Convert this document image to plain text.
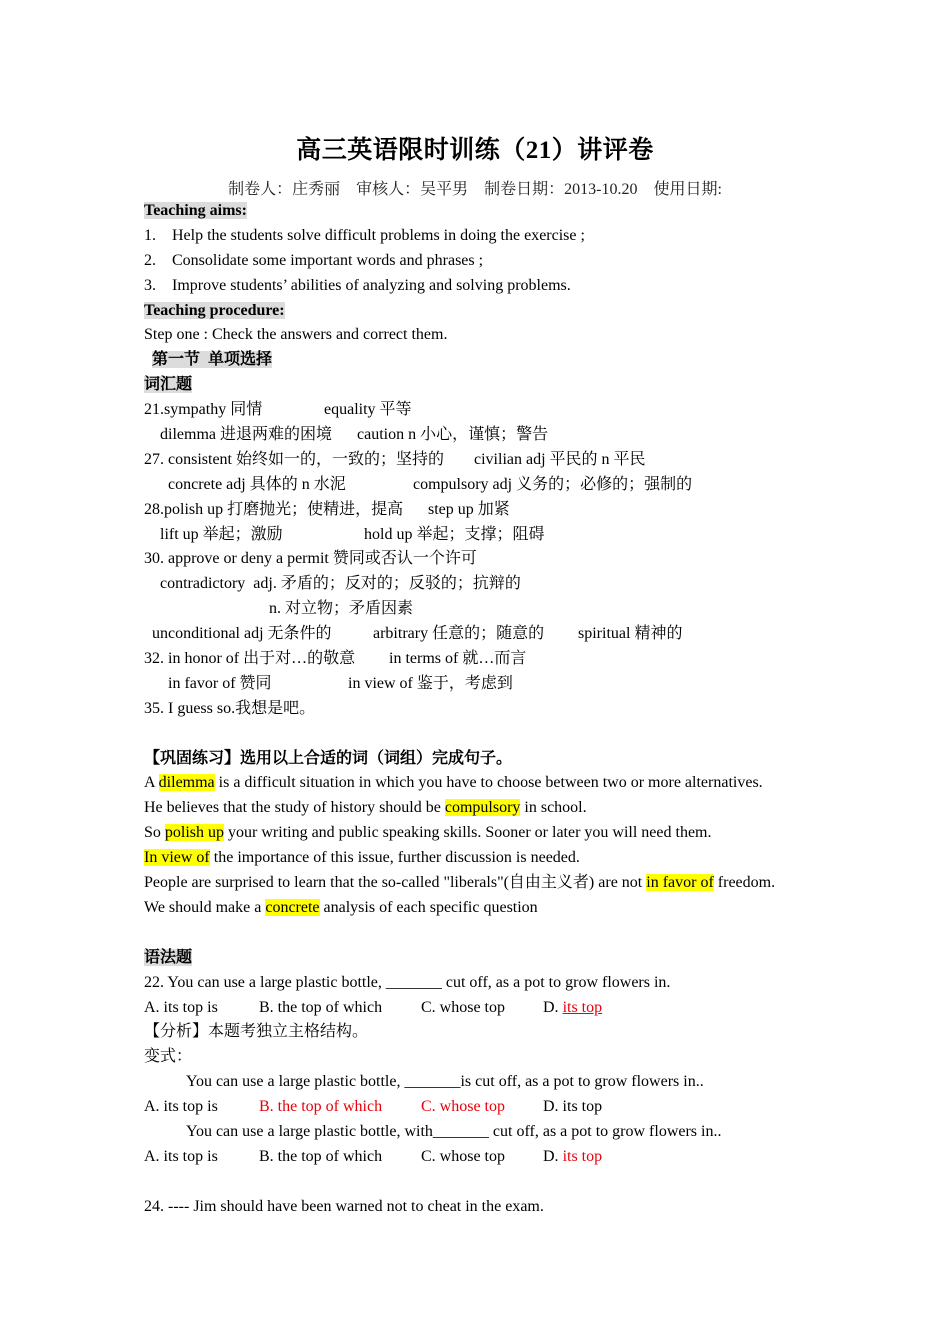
高三英语限时训练（21）讲评卷
制卷人：庄秀丽 审核人：吴平男 制卷日期：2013-10.20 使用日期:
Teaching aims:
1.    Help the students solve difficult problems in doing the exercise ;
2.    Consolidate some important words and phrases ;
3.    Improve students’ abilities of analyzing and solving problems.
Teaching procedure:
Step one : Check the answers and correct them.
第一节  单项选择
词汇题
21.sympathy 同情	equality 平等
dilemma 进退两难的困境 caution n 小心，谨慎；警告
27. consistent 始终如一的，一致的；坚持的 civilian adj 平民的 n 平民
concrete adj 具体的 n 水泥	compulsory adj 义务的；必修的；强制的
28.polish up 打磨抛光；使精进，提高 step up 加紧
lift up 举起；激励	hold up 举起；支撑；阻碍
30. approve or deny a permit 赞同或否认一个许可
contradictory  adj. 矛盾的；反对的；反驳的；抗辩的
n. 对立物；矛盾因素
unconditional adj 无条件的	arbitrary 任意的；随意的 spiritual 精神的
32. in honor of 出于对…的敬意 in terms of 就…而言
in favor of 赞同	in view of 鉴于，考虑到
35. I guess so.我想是吧。
【巩固练习】选用以上合适的词（词组）完成句子。
A dilemma is a difficult situation in which you have to choose between two or more alternatives.
He believes that the study of history should be compulsory in school.
So polish up your writing and public speaking skills. Sooner or later you will need them.
In view of the importance of this issue, further discussion is needed.
People are surprised to learn that the so-called "liberals"(自由主义者) are not in favor of freedom.
We should make a concrete analysis of each specific question
语法题
22. You can use a large plastic bottle, _______ cut off, as a pot to grow flowers in.
A. its top is	B. the top of which C. whose top D. its top
【分析】本题考独立主格结构。
变式：
You can use a large plastic bottle, _______is cut off, as a pot to grow flowers in..
A. its top is	B. the top of which C. whose top D. its top
You can use a large plastic bottle, with_______ cut off, as a pot to grow flowers in..
A. its top is	B. the top of which C. whose top D. its top
24. ---- Jim should have been warned not to cheat in the exam.
